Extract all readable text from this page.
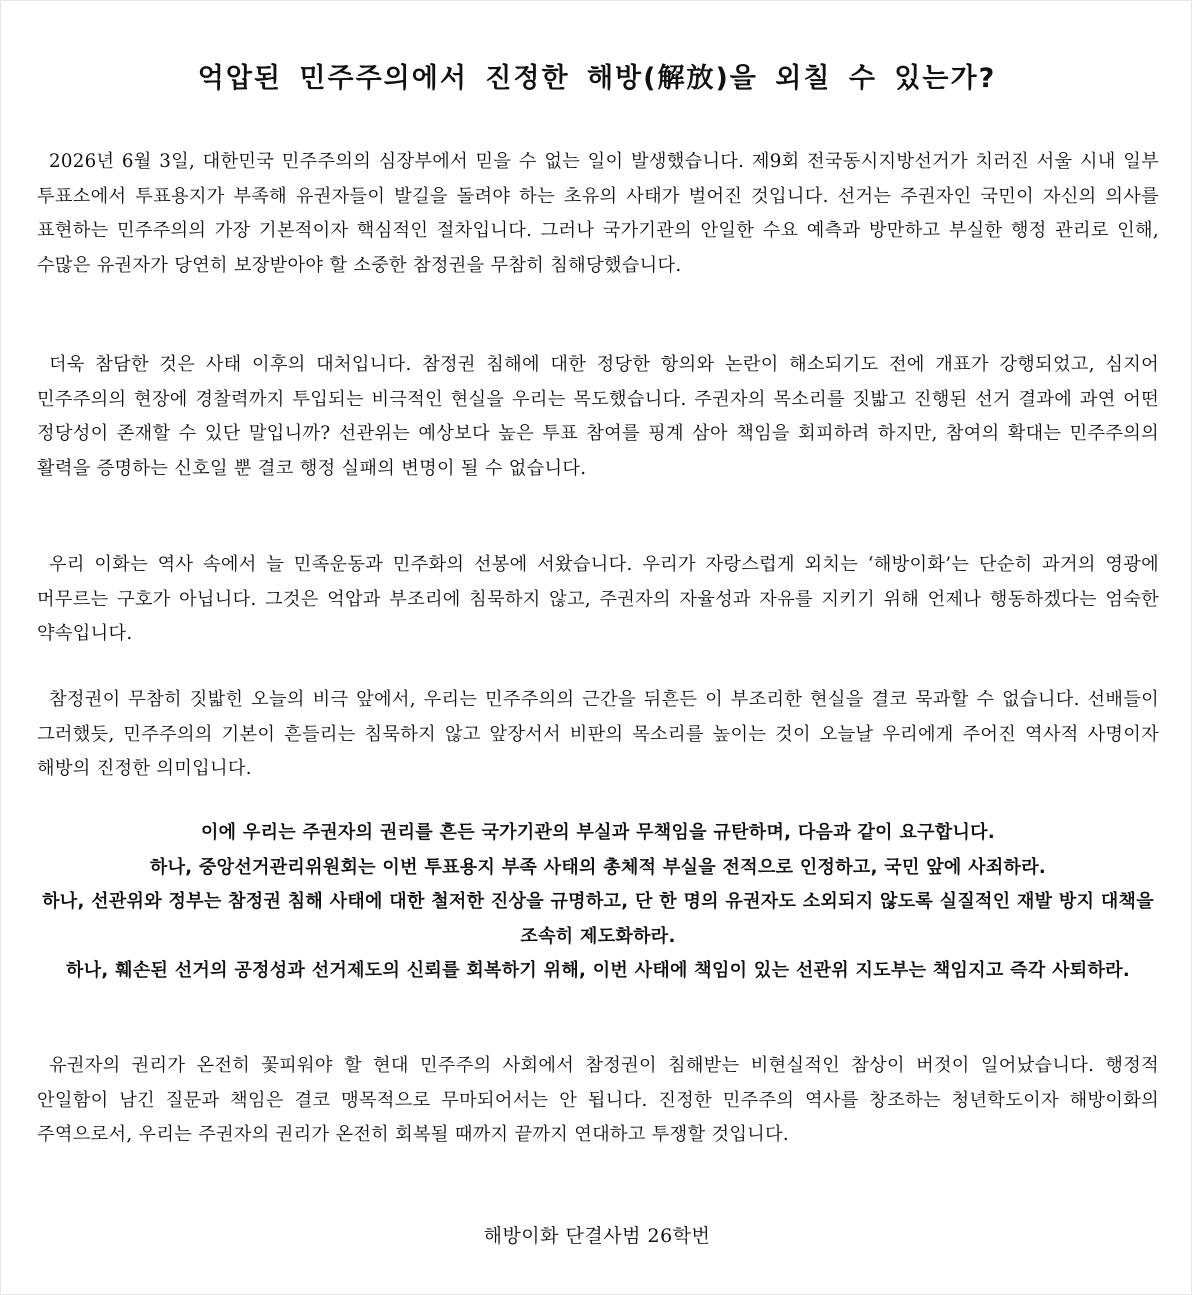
억압된 민주주의에서 진정한 해방(解放)을 외칠 수 있는가?

2026년 6월 3일, 대한민국 민주주의의 심장부에서 믿을 수 없는 일이 발생했습니다. 제9회 전국동시지방선거가 치러진 서울 시내 일부 투표소에서 투표용지가 부족해 유권자들이 발길을 돌려야 하는 초유의 사태가 벌어진 것입니다. 선거는 주권자인 국민이 자신의 의사를 표현하는 민주주의의 가장 기본적이자 핵심적인 절차입니다. 그러나 국가기관의 안일한 수요 예측과 방만하고 부실한 행정 관리로 인해, 수많은 유권자가 당연히 보장받아야 할 소중한 참정권을 무참히 침해당했습니다.

더욱 참담한 것은 사태 이후의 대처입니다. 참정권 침해에 대한 정당한 항의와 논란이 해소되기도 전에 개표가 강행되었고, 심지어 민주주의의 현장에 경찰력까지 투입되는 비극적인 현실을 우리는 목도했습니다. 주권자의 목소리를 짓밟고 진행된 선거 결과에 과연 어떤 정당성이 존재할 수 있단 말입니까? 선관위는 예상보다 높은 투표 참여를 핑계 삼아 책임을 회피하려 하지만, 참여의 확대는 민주주의의 활력을 증명하는 신호일 뿐 결코 행정 실패의 변명이 될 수 없습니다.

우리 이화는 역사 속에서 늘 민족운동과 민주화의 선봉에 서왔습니다. 우리가 자랑스럽게 외치는 ‘해방이화’는 단순히 과거의 영광에 머무르는 구호가 아닙니다. 그것은 억압과 부조리에 침묵하지 않고, 주권자의 자율성과 자유를 지키기 위해 언제나 행동하겠다는 엄숙한 약속입니다.

참정권이 무참히 짓밟힌 오늘의 비극 앞에서, 우리는 민주주의의 근간을 뒤흔든 이 부조리한 현실을 결코 묵과할 수 없습니다. 선배들이 그러했듯, 민주주의의 기본이 흔들리는 침묵하지 않고 앞장서서 비판의 목소리를 높이는 것이 오늘날 우리에게 주어진 역사적 사명이자 해방의 진정한 의미입니다.

이에 우리는 주권자의 권리를 흔든 국가기관의 부실과 무책임을 규탄하며, 다음과 같이 요구합니다.

하나, 중앙선거관리위원회는 이번 투표용지 부족 사태의 총체적 부실을 전적으로 인정하고, 국민 앞에 사죄하라.

하나, 선관위와 정부는 참정권 침해 사태에 대한 철저한 진상을 규명하고, 단 한 명의 유권자도 소외되지 않도록 실질적인 재발 방지 대책을 조속히 제도화하라.

하나, 훼손된 선거의 공정성과 선거제도의 신뢰를 회복하기 위해, 이번 사태에 책임이 있는 선관위 지도부는 책임지고 즉각 사퇴하라.

유권자의 권리가 온전히 꽃피워야 할 현대 민주주의 사회에서 참정권이 침해받는 비현실적인 참상이 버젓이 일어났습니다. 행정적 안일함이 남긴 질문과 책임은 결코 맹목적으로 무마되어서는 안 됩니다. 진정한 민주주의 역사를 창조하는 청년학도이자 해방이화의 주역으로서, 우리는 주권자의 권리가 온전히 회복될 때까지 끝까지 연대하고 투쟁할 것입니다.

해방이화 단결사범 26학번
